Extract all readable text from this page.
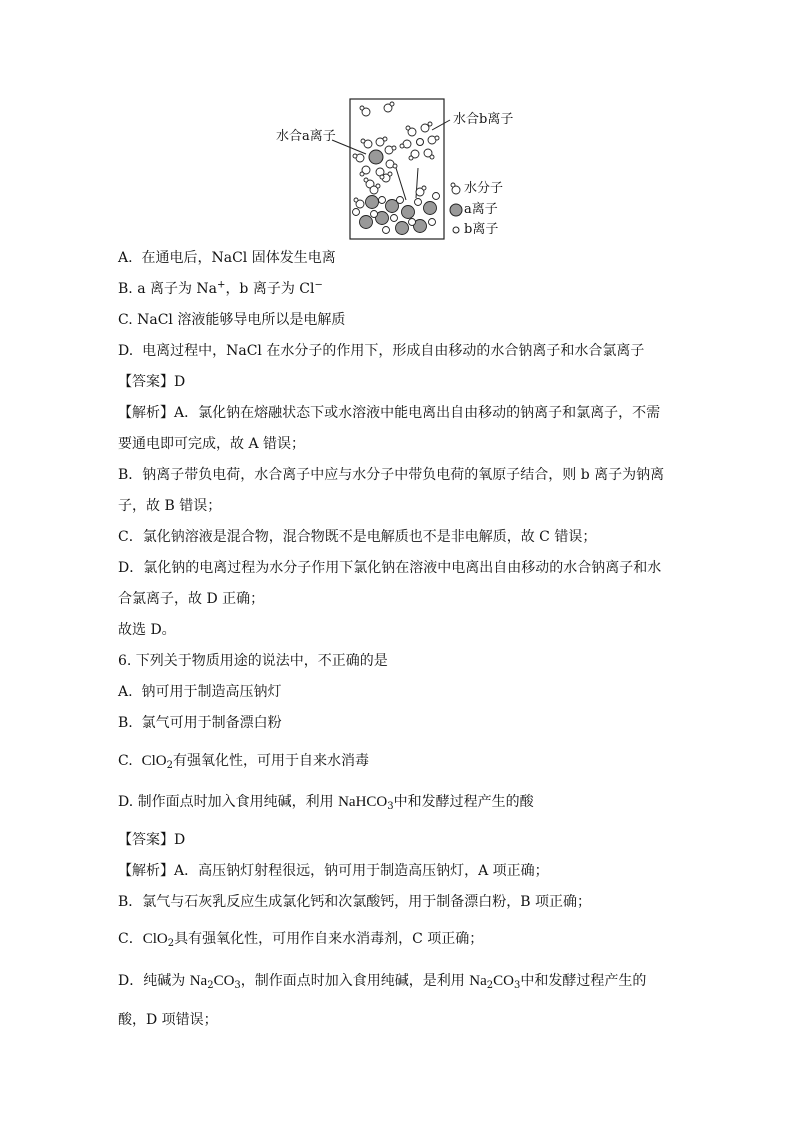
水合a离子
水合b离子
水分子
a离子
b离子
A. 在通电后，NaCl 固体发生电离
B. a 离子为 Na+，b 离子为 Cl−
C. NaCl 溶液能够导电所以是电解质
D. 电离过程中，NaCl 在水分子的作用下，形成自由移动的水合钠离子和水合氯离子
【答案】D
【解析】A．氯化钠在熔融状态下或水溶液中能电离出自由移动的钠离子和氯离子，不需
要通电即可完成，故 A 错误；
B．钠离子带负电荷，水合离子中应与水分子中带负电荷的氧原子结合，则 b 离子为钠离
子，故 B 错误；
C．氯化钠溶液是混合物，混合物既不是电解质也不是非电解质，故 C 错误；
D．氯化钠的电离过程为水分子作用下氯化钠在溶液中电离出自由移动的水合钠离子和水
合氯离子，故 D 正确；
故选 D。
6. 下列关于物质用途的说法中，不正确的是
A. 钠可用于制造高压钠灯
B. 氯气可用于制备漂白粉
C. ClO$_2$有强氧化性，可用于自来水消毒
D. 制作面点时加入食用纯碱，利用 NaHCO$_3$中和发酵过程产生的酸
【答案】D
【解析】A．高压钠灯射程很远，钠可用于制造高压钠灯，A 项正确；
B．氯气与石灰乳反应生成氯化钙和次氯酸钙，用于制备漂白粉，B 项正确；
C．ClO$_2$具有强氧化性，可用作自来水消毒剂，C 项正确；
D．纯碱为 $Na_2CO_3$，制作面点时加入食用纯碱，是利用 $Na_2CO_3$中和发酵过程产生的
酸，D 项错误；
